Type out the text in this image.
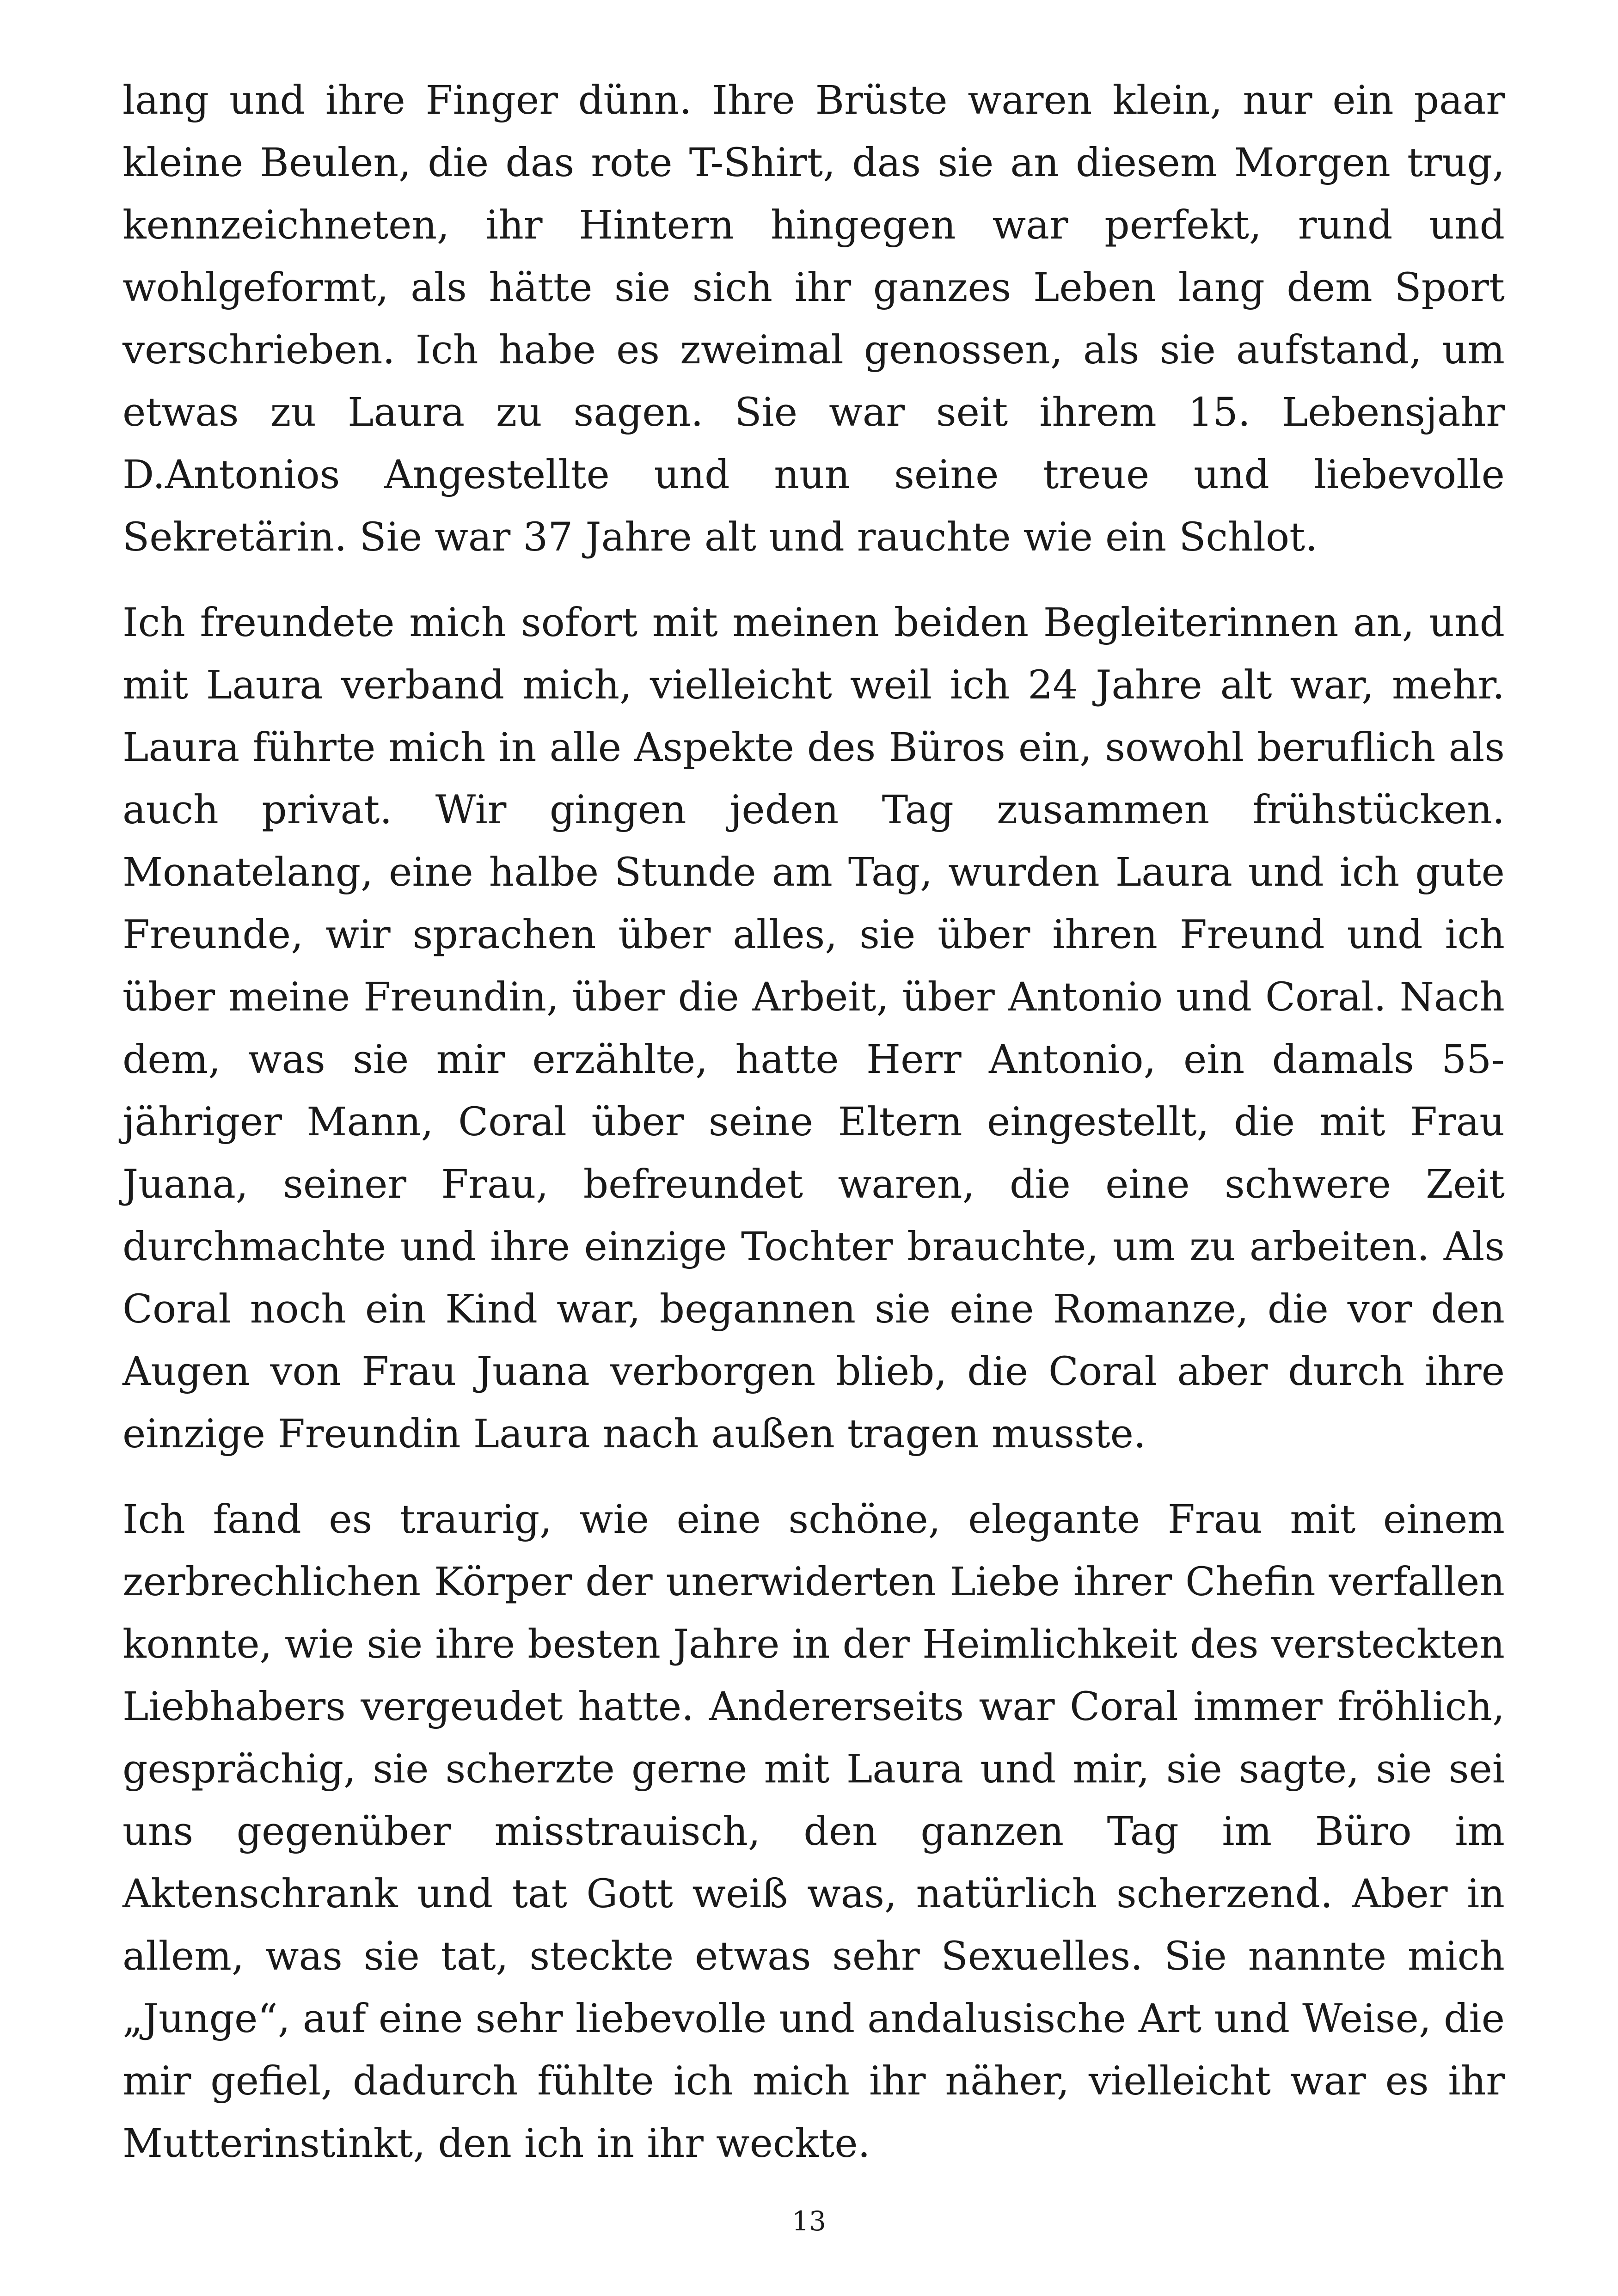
lang und ihre Finger dünn. Ihre Brüste waren klein, nur ein paar kleine Beulen, die das rote T-Shirt, das sie an diesem Morgen trug, kennzeichneten, ihr Hintern hingegen war perfekt, rund und wohlgeformt, als hätte sie sich ihr ganzes Leben lang dem Sport verschrieben. Ich habe es zweimal genossen, als sie aufstand, um etwas zu Laura zu sagen. Sie war seit ihrem 15. Lebensjahr D.Antonios Angestellte und nun seine treue und liebevolle Sekretärin. Sie war 37 Jahre alt und rauchte wie ein Schlot.

Ich freundete mich sofort mit meinen beiden Begleiterinnen an, und mit Laura verband mich, vielleicht weil ich 24 Jahre alt war, mehr. Laura führte mich in alle Aspekte des Büros ein, sowohl beruflich als auch privat. Wir gingen jeden Tag zusammen frühstücken. Monatelang, eine halbe Stunde am Tag, wurden Laura und ich gute Freunde, wir sprachen über alles, sie über ihren Freund und ich über meine Freundin, über die Arbeit, über Antonio und Coral. Nach dem, was sie mir erzählte, hatte Herr Antonio, ein damals 55-jähriger Mann, Coral über seine Eltern eingestellt, die mit Frau Juana, seiner Frau, befreundet waren, die eine schwere Zeit durchmachte und ihre einzige Tochter brauchte, um zu arbeiten. Als Coral noch ein Kind war, begannen sie eine Romanze, die vor den Augen von Frau Juana verborgen blieb, die Coral aber durch ihre einzige Freundin Laura nach außen tragen musste.

Ich fand es traurig, wie eine schöne, elegante Frau mit einem zerbrechlichen Körper der unerwiderten Liebe ihrer Chefin verfallen konnte, wie sie ihre besten Jahre in der Heimlichkeit des versteckten Liebhabers vergeudet hatte. Andererseits war Coral immer fröhlich, gesprächig, sie scherzte gerne mit Laura und mir, sie sagte, sie sei uns gegenüber misstrauisch, den ganzen Tag im Büro im Aktenschrank und tat Gott weiß was, natürlich scherzend. Aber in allem, was sie tat, steckte etwas sehr Sexuelles. Sie nannte mich „Junge“, auf eine sehr liebevolle und andalusische Art und Weise, die mir gefiel, dadurch fühlte ich mich ihr näher, vielleicht war es ihr Mutterinstinkt, den ich in ihr weckte.

13
